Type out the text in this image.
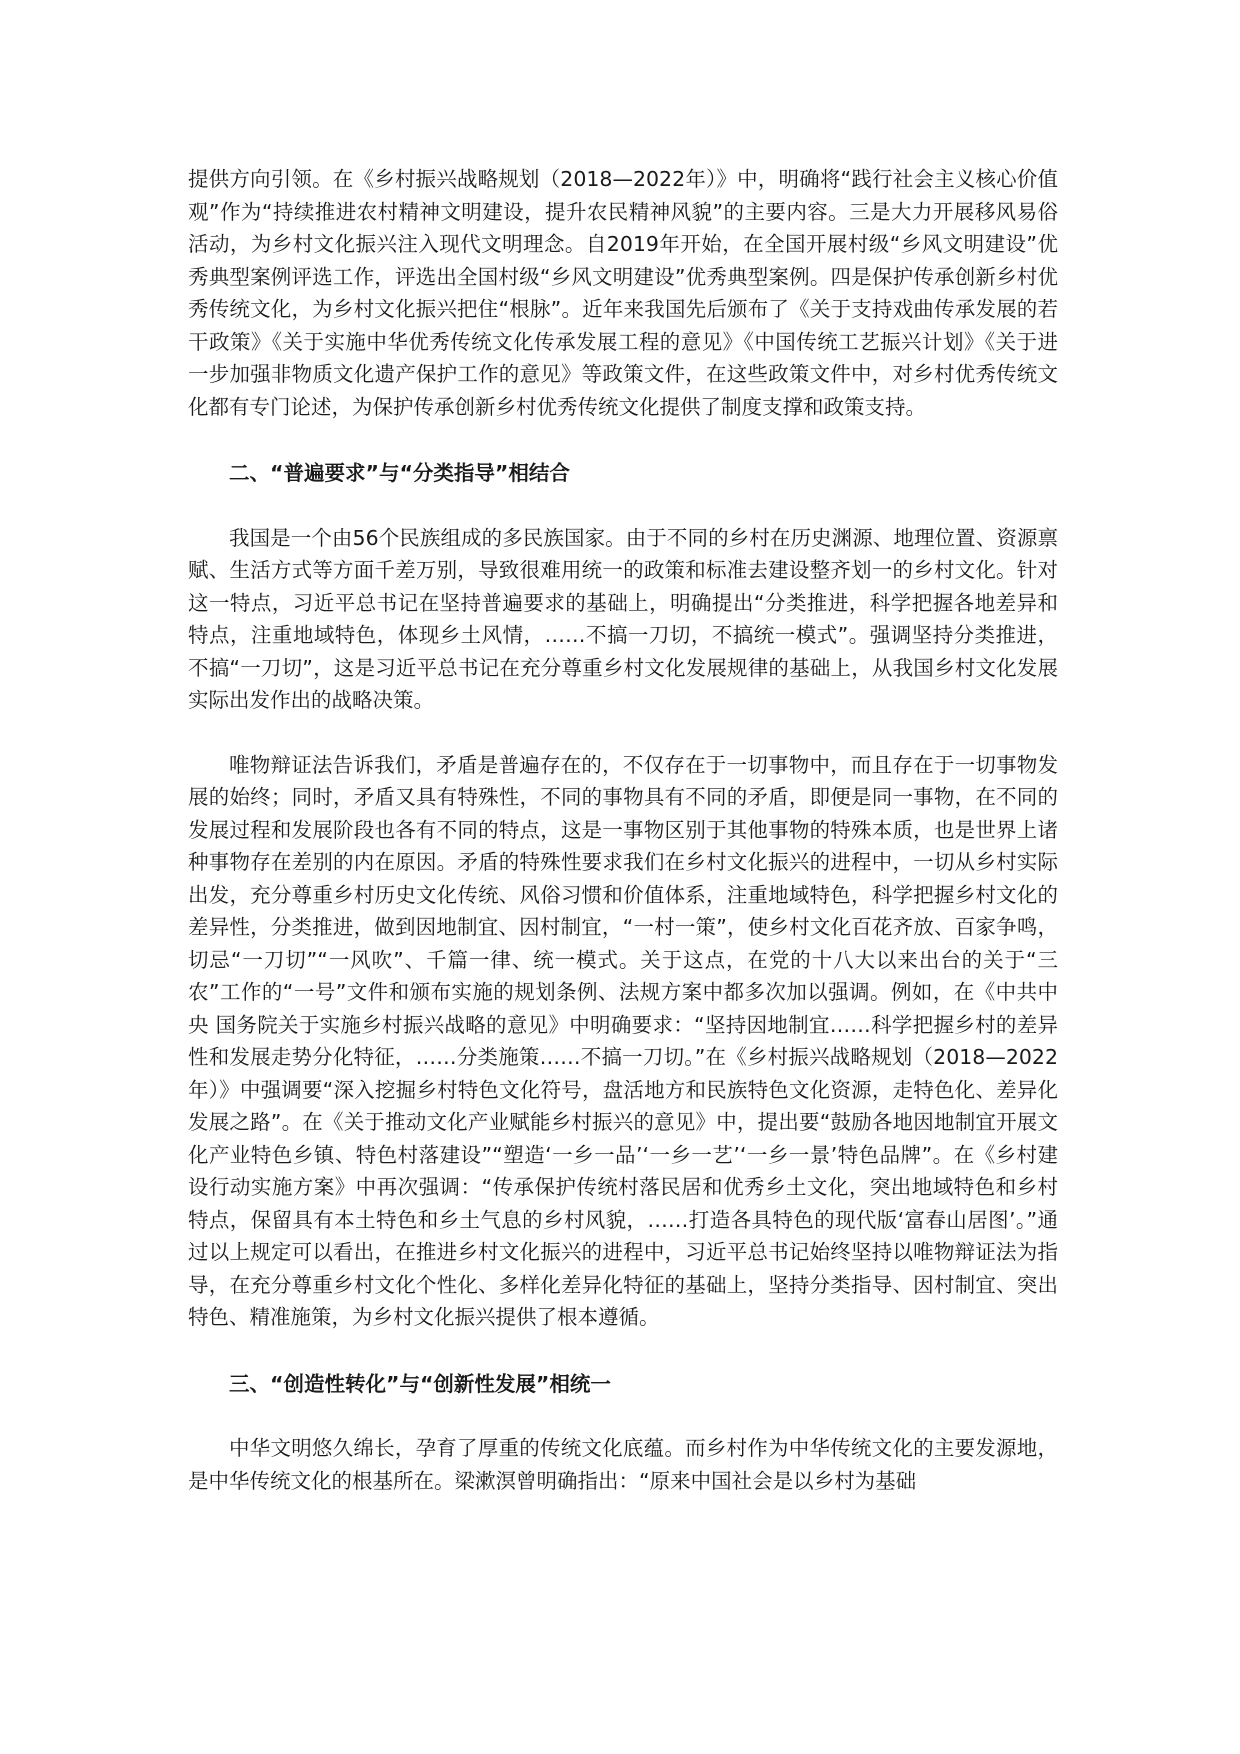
提供方向引领。在《乡村振兴战略规划（2018—2022年）》中，明确将“践行社会主义核心价值观”作为“持续推进农村精神文明建设，提升农民精神风貌”的主要内容。三是大力开展移风易俗活动，为乡村文化振兴注入现代文明理念。自2019年开始，在全国开展村级“乡风文明建设”优秀典型案例评选工作，评选出全国村级“乡风文明建设”优秀典型案例。四是保护传承创新乡村优秀传统文化，为乡村文化振兴把住“根脉”。近年来我国先后颁布了《关于支持戏曲传承发展的若干政策》《关于实施中华优秀传统文化传承发展工程的意见》《中国传统工艺振兴计划》《关于进一步加强非物质文化遗产保护工作的意见》等政策文件，在这些政策文件中，对乡村优秀传统文化都有专门论述，为保护传承创新乡村优秀传统文化提供了制度支撑和政策支持。

二、“普遍要求”与“分类指导”相结合

我国是一个由56个民族组成的多民族国家。由于不同的乡村在历史渊源、地理位置、资源禀赋、生活方式等方面千差万别，导致很难用统一的政策和标准去建设整齐划一的乡村文化。针对这一特点，习近平总书记在坚持普遍要求的基础上，明确提出“分类推进，科学把握各地差异和特点，注重地域特色，体现乡土风情，……不搞一刀切，不搞统一模式”。强调坚持分类推进，不搞“一刀切”，这是习近平总书记在充分尊重乡村文化发展规律的基础上，从我国乡村文化发展实际出发作出的战略决策。

唯物辩证法告诉我们，矛盾是普遍存在的，不仅存在于一切事物中，而且存在于一切事物发展的始终；同时，矛盾又具有特殊性，不同的事物具有不同的矛盾，即便是同一事物，在不同的发展过程和发展阶段也各有不同的特点，这是一事物区别于其他事物的特殊本质，也是世界上诸种事物存在差别的内在原因。矛盾的特殊性要求我们在乡村文化振兴的进程中，一切从乡村实际出发，充分尊重乡村历史文化传统、风俗习惯和价值体系，注重地域特色，科学把握乡村文化的差异性，分类推进，做到因地制宜、因村制宜，“一村一策”，使乡村文化百花齐放、百家争鸣，切忌“一刀切”“一风吹”、千篇一律、统一模式。关于这点，在党的十八大以来出台的关于“三农”工作的“一号”文件和颁布实施的规划条例、法规方案中都多次加以强调。例如，在《中共中央 国务院关于实施乡村振兴战略的意见》中明确要求：“坚持因地制宜……科学把握乡村的差异性和发展走势分化特征，……分类施策……不搞一刀切。”在《乡村振兴战略规划（2018—2022年）》中强调要“深入挖掘乡村特色文化符号，盘活地方和民族特色文化资源，走特色化、差异化发展之路”。在《关于推动文化产业赋能乡村振兴的意见》中，提出要“鼓励各地因地制宜开展文化产业特色乡镇、特色村落建设”“塑造‘一乡一品’‘一乡一艺’‘一乡一景’特色品牌”。在《乡村建设行动实施方案》中再次强调：“传承保护传统村落民居和优秀乡土文化，突出地域特色和乡村特点，保留具有本土特色和乡土气息的乡村风貌，……打造各具特色的现代版‘富春山居图’。”通过以上规定可以看出，在推进乡村文化振兴的进程中，习近平总书记始终坚持以唯物辩证法为指导，在充分尊重乡村文化个性化、多样化差异化特征的基础上，坚持分类指导、因村制宜、突出特色、精准施策，为乡村文化振兴提供了根本遵循。

三、“创造性转化”与“创新性发展”相统一

中华文明悠久绵长，孕育了厚重的传统文化底蕴。而乡村作为中华传统文化的主要发源地，是中华传统文化的根基所在。梁漱溟曾明确指出：“原来中国社会是以乡村为基础
